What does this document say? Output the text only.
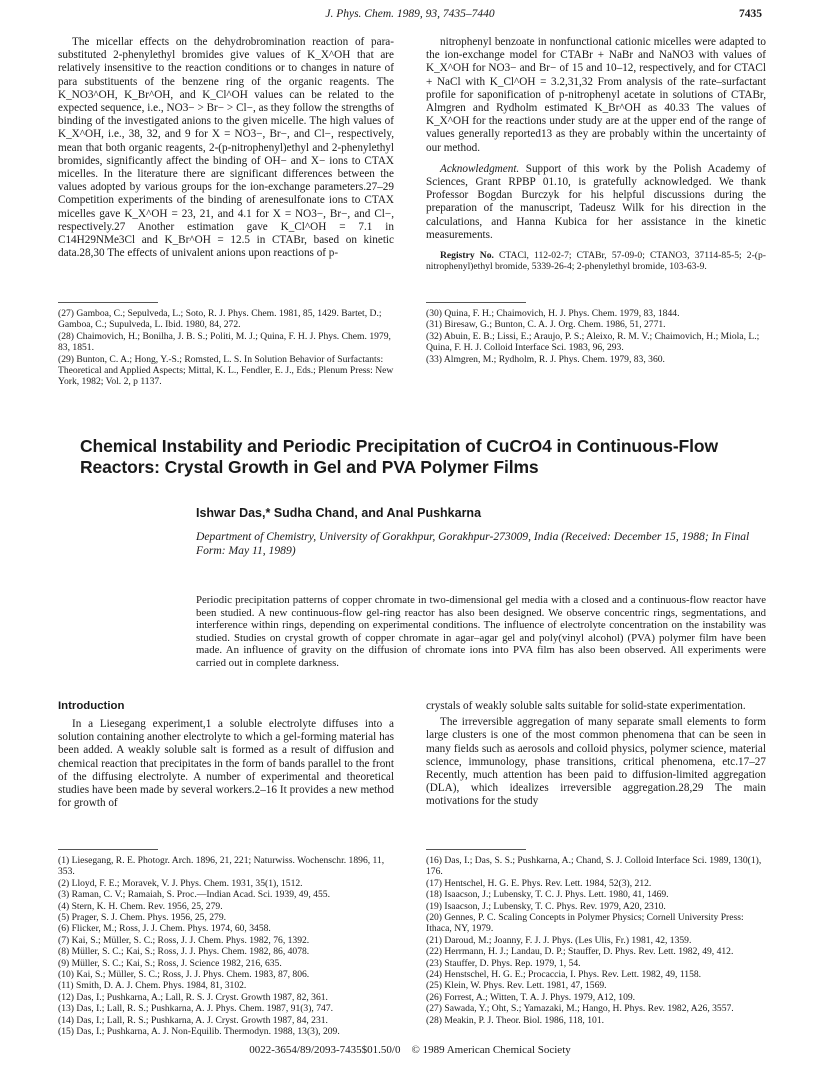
J. Phys. Chem. 1989, 93, 7435–7440	7435

The micellar effects on the dehydrobromination reaction of para-substituted 2-phenylethyl bromides give values of K_X^OH that are relatively insensitive to the reaction conditions or to changes in nature of para substituents of the benzene ring of the organic reagents. The K_NO3^OH, K_Br^OH, and K_Cl^OH values can be related to the expected sequence, i.e., NO3− > Br− > Cl−, as they follow the strengths of binding of the investigated anions to the given micelle. The high values of K_X^OH, i.e., 38, 32, and 9 for X = NO3−, Br−, and Cl−, respectively, mean that both organic reagents, 2-(p-nitrophenyl)ethyl and 2-phenylethyl bromides, significantly affect the binding of OH− and X− ions to CTAX micelles. In the literature there are significant differences between the values adopted by various groups for the ion-exchange parameters.27–29 Competition experiments of the binding of arenesulfonate ions to CTAX micelles gave K_X^OH = 23, 21, and 4.1 for X = NO3−, Br−, and Cl−, respectively.27 Another estimation gave K_Cl^OH = 7.1 in C14H29NMe3Cl and K_Br^OH = 12.5 in CTABr, based on kinetic data.28,30 The effects of univalent anions upon reactions of p-

nitrophenyl benzoate in nonfunctional cationic micelles were adapted to the ion-exchange model for CTABr + NaBr and NaNO3 with values of K_X^OH for NO3− and Br− of 15 and 10–12, respectively, and for CTACl + NaCl with K_Cl^OH = 3.2,31,32 From analysis of the rate–surfactant profile for saponification of p-nitrophenyl acetate in solutions of CTABr, Almgren and Rydholm estimated K_Br^OH as 40.33 The values of K_X^OH for the reactions under study are at the upper end of the range of values generally reported13 as they are probably within the uncertainty of our method.

Acknowledgment. Support of this work by the Polish Academy of Sciences, Grant RPBP 01.10, is gratefully acknowledged. We thank Professor Bogdan Burczyk for his helpful discussions during the preparation of the manuscript, Tadeusz Wilk for his direction in the calculations, and Hanna Kubica for her assistance in the kinetic measurements.

Registry No. CTACl, 112-02-7; CTABr, 57-09-0; CTANO3, 37114-85-5; 2-(p-nitrophenyl)ethyl bromide, 5339-26-4; 2-phenylethyl bromide, 103-63-9.

(27) Gamboa, C.; Sepulveda, L.; Soto, R. J. Phys. Chem. 1981, 85, 1429. Bartet, D.; Gamboa, C.; Supulveda, L. Ibid. 1980, 84, 272.
(28) Chaimovich, H.; Bonilha, J. B. S.; Politi, M. J.; Quina, F. H. J. Phys. Chem. 1979, 83, 1851.
(29) Bunton, C. A.; Hong, Y.-S.; Romsted, L. S. In Solution Behavior of Surfactants: Theoretical and Applied Aspects; Mittal, K. L., Fendler, E. J., Eds.; Plenum Press: New York, 1982; Vol. 2, p 1137.
(30) Quina, F. H.; Chaimovich, H. J. Phys. Chem. 1979, 83, 1844.
(31) Biresaw, G.; Bunton, C. A. J. Org. Chem. 1986, 51, 2771.
(32) Abuin, E. B.; Lissi, E.; Araujo, P. S.; Aleixo, R. M. V.; Chaimovich, H.; Miola, L.; Quina, F. H. J. Colloid Interface Sci. 1983, 96, 293.
(33) Almgren, M.; Rydholm, R. J. Phys. Chem. 1979, 83, 360.
Chemical Instability and Periodic Precipitation of CuCrO4 in Continuous-Flow Reactors: Crystal Growth in Gel and PVA Polymer Films
Ishwar Das,* Sudha Chand, and Anal Pushkarna
Department of Chemistry, University of Gorakhpur, Gorakhpur-273009, India (Received: December 15, 1988; In Final Form: May 11, 1989)
Periodic precipitation patterns of copper chromate in two-dimensional gel media with a closed and a continuous-flow reactor have been studied. A new continuous-flow gel-ring reactor has also been designed. We observe concentric rings, segmentations, and interference within rings, depending on experimental conditions. The influence of electrolyte concentration on the instability was studied. Studies on crystal growth of copper chromate in agar–agar gel and poly(vinyl alcohol) (PVA) polymer film have been made. An influence of gravity on the diffusion of chromate ions into PVA film has also been observed. All experiments were carried out in complete darkness.
Introduction

In a Liesegang experiment,1 a soluble electrolyte diffuses into a solution containing another electrolyte to which a gel-forming material has been added. A weakly soluble salt is formed as a result of diffusion and chemical reaction that precipitates in the form of bands parallel to the front of the diffusing electrolyte. A number of experimental and theoretical studies have been made by several workers.2–16 It provides a new method for growth of

crystals of weakly soluble salts suitable for solid-state experimentation.

The irreversible aggregation of many separate small elements to form large clusters is one of the most common phenomena that can be seen in many fields such as aerosols and colloid physics, polymer science, material science, immunology, phase transitions, critical phenomena, etc.17–27 Recently, much attention has been paid to diffusion-limited aggregation (DLA), which idealizes irreversible aggregation.28,29 The main motivations for the study

(1) Liesegang, R. E. Photogr. Arch. 1896, 21, 221; Naturwiss. Wochenschr. 1896, 11, 353.
(2) Lloyd, F. E.; Moravek, V. J. Phys. Chem. 1931, 35(1), 1512.
(3) Raman, C. V.; Ramaiah, S. Proc.—Indian Acad. Sci. 1939, 49, 455.
(4) Stern, K. H. Chem. Rev. 1956, 25, 279.
(5) Prager, S. J. Chem. Phys. 1956, 25, 279.
(6) Flicker, M.; Ross, J. J. Chem. Phys. 1974, 60, 3458.
(7) Kai, S.; Müller, S. C.; Ross, J. J. Chem. Phys. 1982, 76, 1392.
(8) Müller, S. C.; Kai, S.; Ross, J. J. Phys. Chem. 1982, 86, 4078.
(9) Müller, S. C.; Kai, S.; Ross, J. Science 1982, 216, 635.
(10) Kai, S.; Müller, S. C.; Ross, J. J. Phys. Chem. 1983, 87, 806.
(11) Smith, D. A. J. Chem. Phys. 1984, 81, 3102.
(12) Das, I.; Pushkarna, A.; Lall, R. S. J. Cryst. Growth 1987, 82, 361.
(13) Das, I.; Lall, R. S.; Pushkarna, A. J. Phys. Chem. 1987, 91(3), 747.
(14) Das, I.; Lall, R. S.; Pushkarna, A. J. Cryst. Growth 1987, 84, 231.
(15) Das, I.; Pushkarna, A. J. Non-Equilib. Thermodyn. 1988, 13(3), 209.
(16) Das, I.; Das, S. S.; Pushkarna, A.; Chand, S. J. Colloid Interface Sci. 1989, 130(1), 176.
(17) Hentschel, H. G. E. Phys. Rev. Lett. 1984, 52(3), 212.
(18) Isaacson, J.; Lubensky, T. C. J. Phys. Lett. 1980, 41, 1469.
(19) Isaacson, J.; Lubensky, T. C. Phys. Rev. 1979, A20, 2310.
(20) Gennes, P. C. Scaling Concepts in Polymer Physics; Cornell University Press: Ithaca, NY, 1979.
(21) Daroud, M.; Joanny, F. J. J. Phys. (Les Ulis, Fr.) 1981, 42, 1359.
(22) Herrmann, H. J.; Landau, D. P.; Stauffer, D. Phys. Rev. Lett. 1982, 49, 412.
(23) Stauffer, D. Phys. Rep. 1979, 1, 54.
(24) Henstschel, H. G. E.; Procaccia, I. Phys. Rev. Lett. 1982, 49, 1158.
(25) Klein, W. Phys. Rev. Lett. 1981, 47, 1569.
(26) Forrest, A.; Witten, T. A. J. Phys. 1979, A12, 109.
(27) Sawada, Y.; Oht, S.; Yamazaki, M.; Hango, H. Phys. Rev. 1982, A26, 3557.
(28) Meakin, P. J. Theor. Biol. 1986, 118, 101.
0022-3654/89/2093-7435$01.50/0 © 1989 American Chemical Society
